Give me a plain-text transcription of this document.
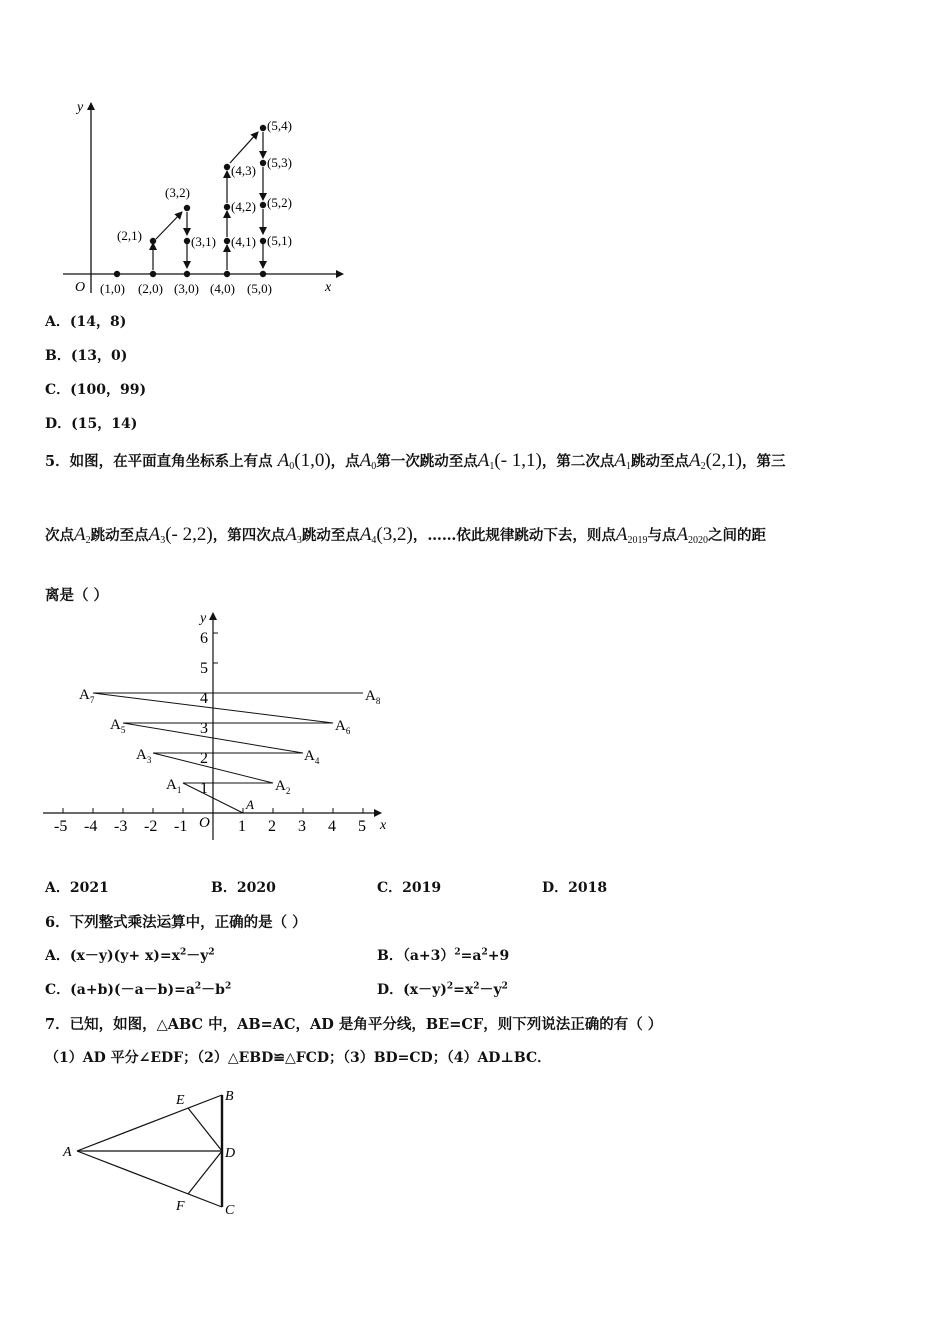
y
x
O (1,0) (2,0) (3,0) (4,0) (5,0)
(2,1)
(3,2)
(3,1) (4,1)
(4,2)
(4,3)
(5,4)
(5,3)
(5,2)
(5,1)
A．(14，8)
B．(13，0)
C．(100，99)
D．(15，14)
5．如图，在平面直角坐标系上有点 $A_0(1,0)$，点$A_0$第一次跳动至点$A_1(-$ 1,1)，第二次点$A_1$跳动至点$A_2(2,1)$，第三
次点$A_2$跳动至点$A_3(-$ 2,2)，第四次点$A_3$跳动至点$A_4(3,2)$，……依此规律跳动下去，则点$A_{2019}$与点$A_{2020}$之间的距
离是（ ）
-5 -4 -3 -2 -1	1 2 3 4 5
1
2
3
4
5
6
y
x
O
A
$A_1$	$A_2$
$A_3$	$A_4$
$A_5$	$A_6$
$A_7$	$A_8$
A．2021	B．2020	C．2019	D．2018
6．下列整式乘法运算中，正确的是（ ）
A．$(x-y)(y+ x)=x^2-y^2$	B．$(a+3)^2=a^2+9$
C．$(a+b)(-a-b)=a^2-b^2$	D．$(x-y)^2=x^2-y^2$
7．已知，如图，△ABC 中，AB=AC，AD 是角平分线，BE=CF，则下列说法正确的有（ ）
（1）AD 平分∠EDF；（2）△EBD≌△FCD；（3）BD=CD；（4）AD⊥BC．
A
B
C
D
E
F
